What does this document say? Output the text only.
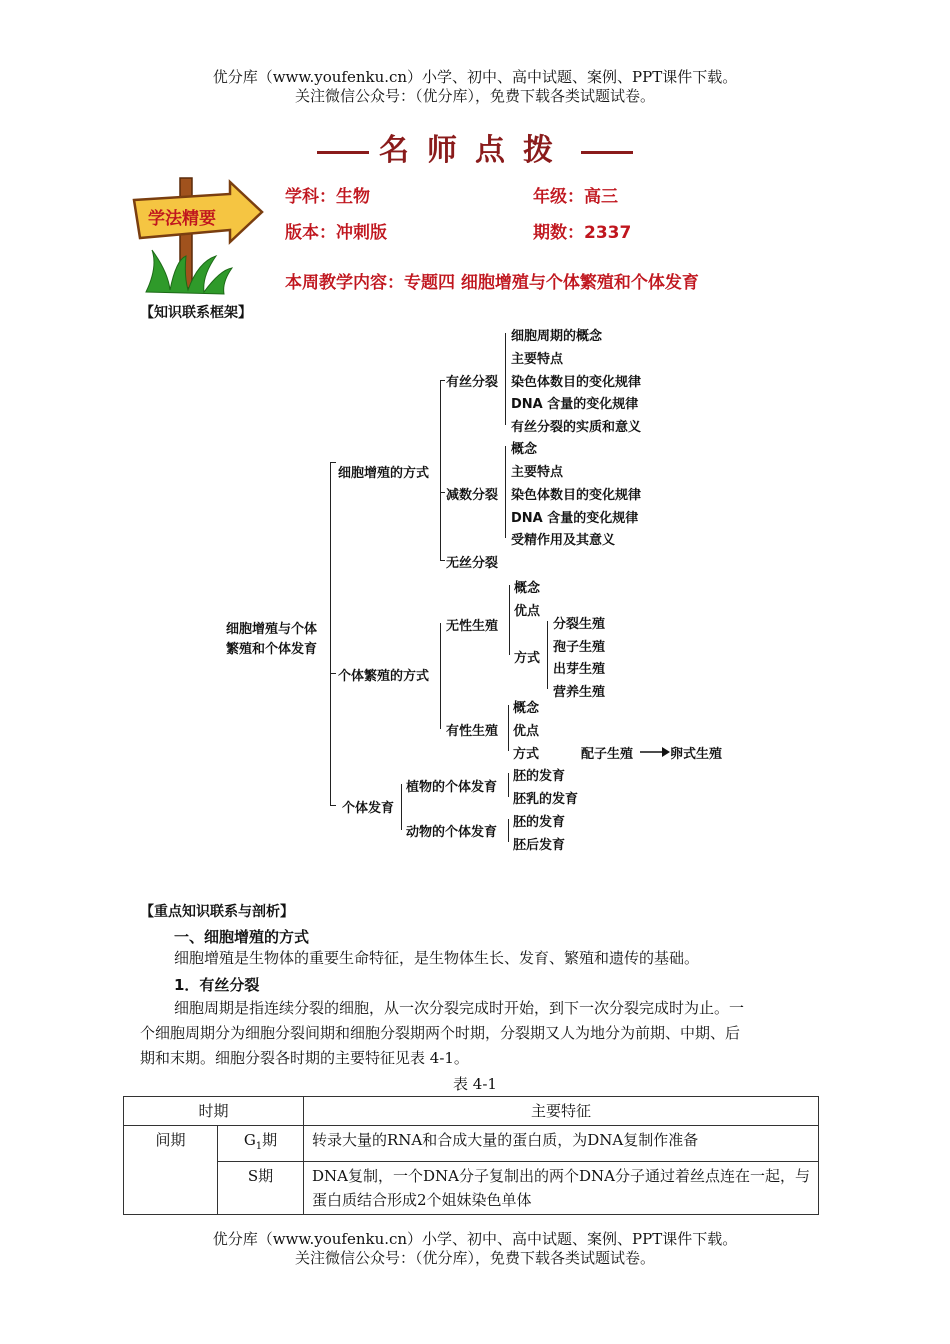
优分库（www.youfenku.cn）小学、初中、高中试题、案例、PPT课件下载。
关注微信公众号：（优分库），免费下载各类试题试卷。
名师点拨
学法精要
学科：生物	年级：高三
版本：冲刺版	期数：2337
本周教学内容：专题四 细胞增殖与个体繁殖和个体发育
【知识联系框架】
细胞增殖与个体
繁殖和个体发育
细胞增殖的方式
个体繁殖的方式
个体发育
有丝分裂
减数分裂
无丝分裂
细胞周期的概念
主要特点
染色体数目的变化规律
DNA 含量的变化规律
有丝分裂的实质和意义
概念
主要特点
染色体数目的变化规律
DNA 含量的变化规律
受精作用及其意义
无性生殖
有性生殖
概念
优点
方式
分裂生殖
孢子生殖
出芽生殖
营养生殖
概念
优点
方式	配子生殖	卵式生殖
植物的个体发育
动物的个体发育
胚的发育
胚乳的发育
胚的发育
胚后发育
【重点知识联系与剖析】
一、细胞增殖的方式
细胞增殖是生物体的重要生命特征，是生物体生长、发育、繁殖和遗传的基础。
1．有丝分裂
细胞周期是指连续分裂的细胞，从一次分裂完成时开始，到下一次分裂完成时为止。一
个细胞周期分为细胞分裂间期和细胞分裂期两个时期，分裂期又人为地分为前期、中期、后
期和末期。细胞分裂各时期的主要特征见表 4-1。
表 4-1
时期		主要特征
间期	$G_1$期	转录大量的RNA和合成大量的蛋白质，为DNA复制作准备
	S期	DNA复制，一个DNA分子复制出的两个DNA分子通过着丝点连在一起，与蛋白质结合形成2个姐妹染色单体
优分库（www.youfenku.cn）小学、初中、高中试题、案例、PPT课件下载。
关注微信公众号：（优分库），免费下载各类试题试卷。
